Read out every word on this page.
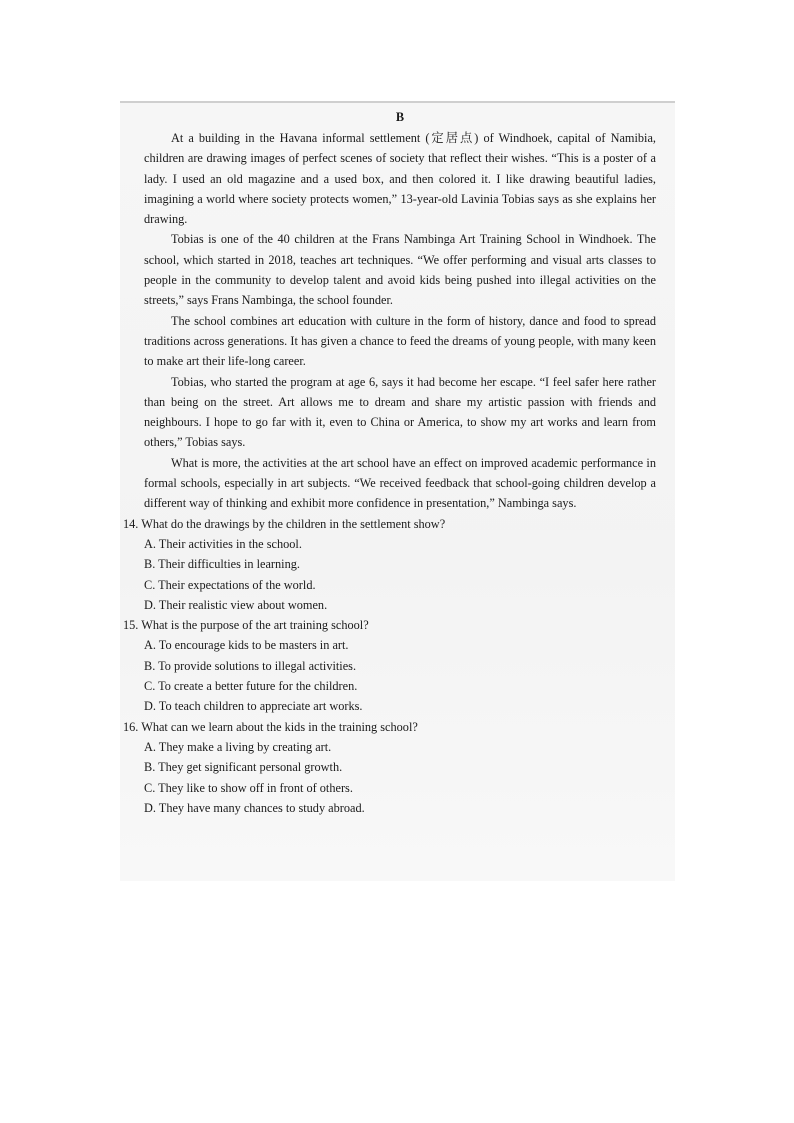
B

At a building in the Havana informal settlement (定居点) of Windhoek, capital of Namibia, children are drawing images of perfect scenes of society that reflect their wishes. “This is a poster of a lady. I used an old magazine and a used box, and then colored it. I like drawing beautiful ladies, imagining a world where society protects women,” 13-year-old Lavinia Tobias says as she explains her drawing.

Tobias is one of the 40 children at the Frans Nambinga Art Training School in Windhoek. The school, which started in 2018, teaches art techniques. “We offer performing and visual arts classes to people in the community to develop talent and avoid kids being pushed into illegal activities on the streets,” says Frans Nambinga, the school founder.

The school combines art education with culture in the form of history, dance and food to spread traditions across generations. It has given a chance to feed the dreams of young people, with many keen to make art their life-long career.

Tobias, who started the program at age 6, says it had become her escape. “I feel safer here rather than being on the street. Art allows me to dream and share my artistic passion with friends and neighbours. I hope to go far with it, even to China or America, to show my art works and learn from others,” Tobias says.

What is more, the activities at the art school have an effect on improved academic performance in formal schools, especially in art subjects. “We received feedback that school-going children develop a different way of thinking and exhibit more confidence in presentation,” Nambinga says.

14. What do the drawings by the children in the settlement show?
A. Their activities in the school.
B. Their difficulties in learning.
C. Their expectations of the world.
D. Their realistic view about women.
15. What is the purpose of the art training school?
A. To encourage kids to be masters in art.
B. To provide solutions to illegal activities.
C. To create a better future for the children.
D. To teach children to appreciate art works.
16. What can we learn about the kids in the training school?
A. They make a living by creating art.
B. They get significant personal growth.
C. They like to show off in front of others.
D. They have many chances to study abroad.
